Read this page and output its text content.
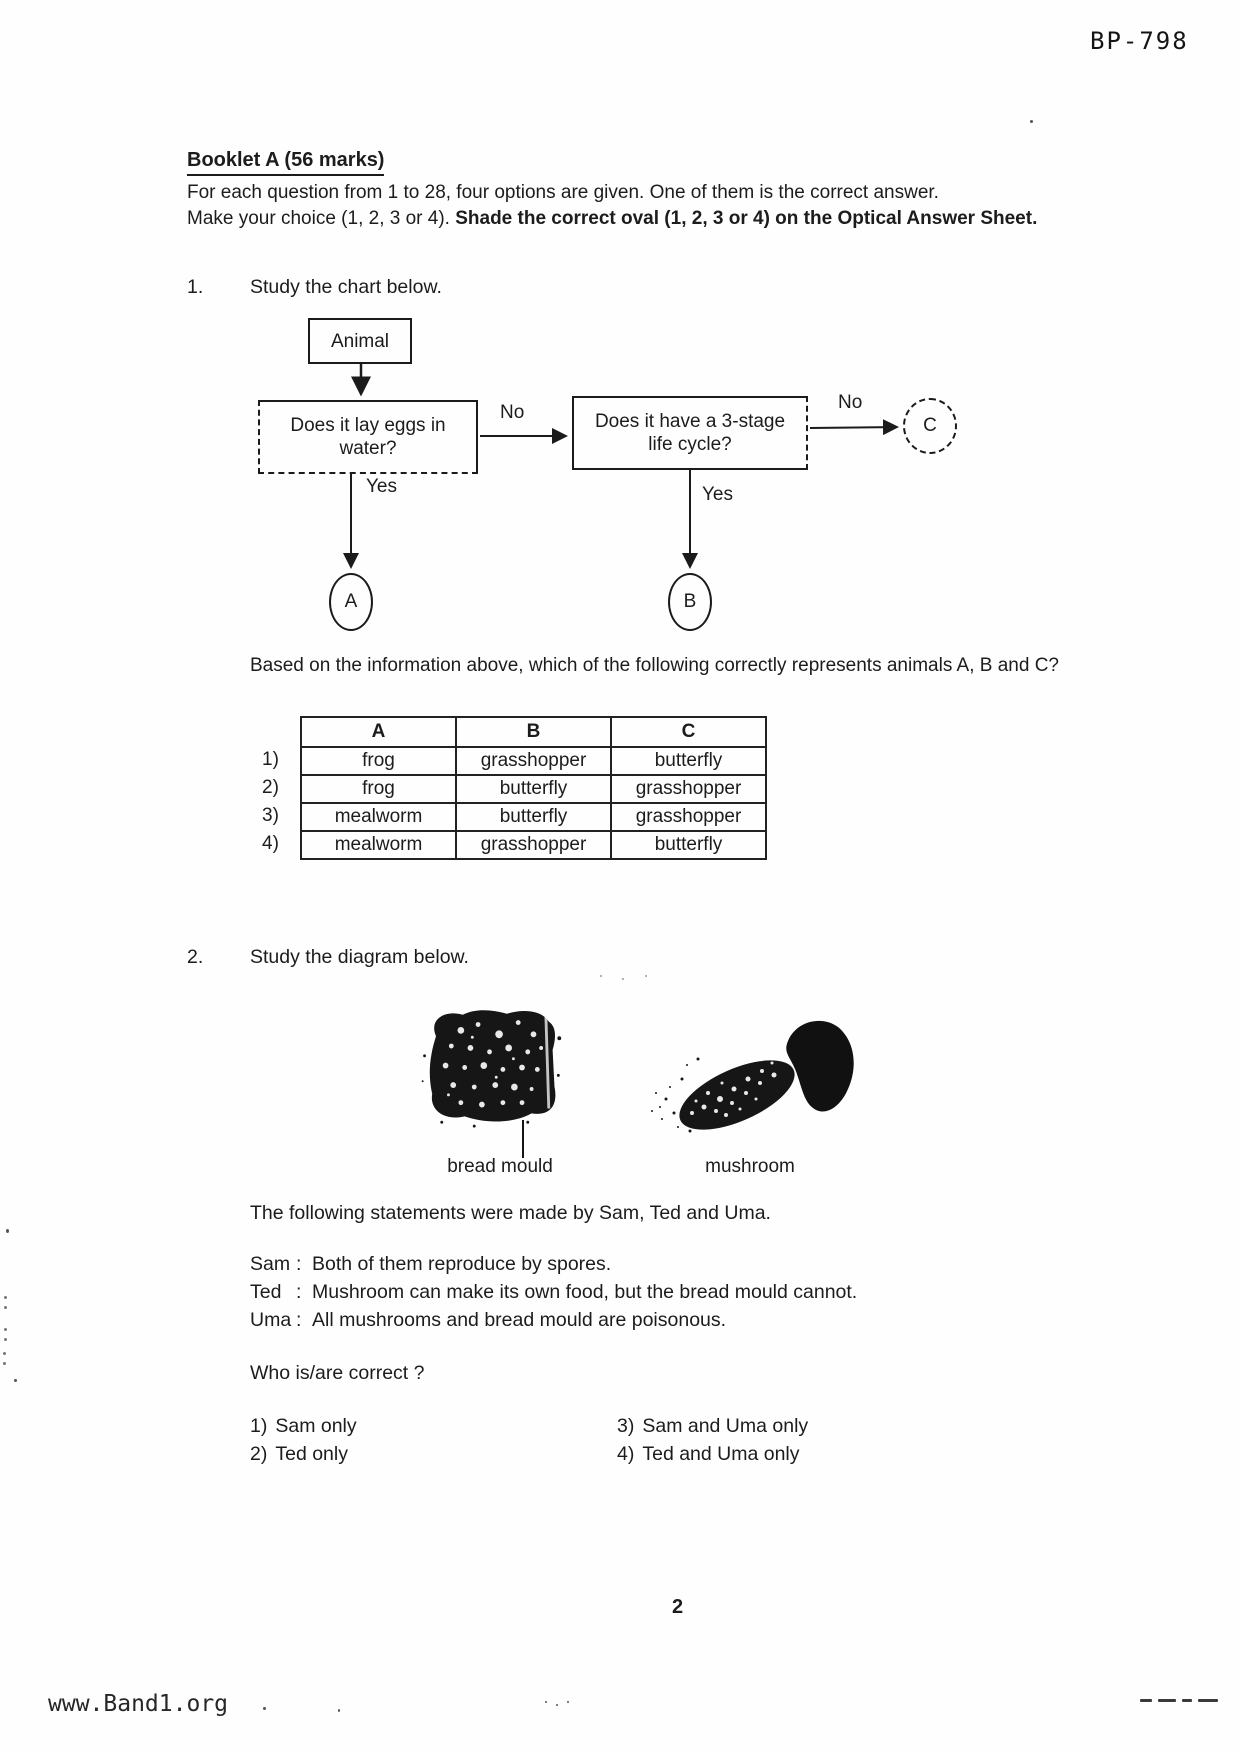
BP-798
Booklet A (56 marks)

For each question from 1 to 28, four options are given. One of them is the correct answer.
Make your choice (1, 2, 3 or 4). Shade the correct oval (1, 2, 3 or 4) on the Optical Answer Sheet.

1. Study the chart below.
Animal
Does it lay eggs in water?
Does it have a 3-stage life cycle?
No	No
Yes	Yes
A	B
C
Based on the information above, which of the following correctly represents animals A, B and C?
1)
2)
3)
4)
A	B	C
frog	grasshopper	butterfly
frog	butterfly	grasshopper
mealworm	butterfly	grasshopper
mealworm	grasshopper	butterfly
2. Study the diagram below.
bread mould	mushroom
The following statements were made by Sam, Ted and Uma.
Sam : Both of them reproduce by spores.
Ted : Mushroom can make its own food, but the bread mould cannot.
Uma : All mushrooms and bread mould are poisonous.
Who is/are correct ?
1) Sam only
2) Ted only
3) Sam and Uma only
4) Ted and Uma only
2
www.Band1.org
